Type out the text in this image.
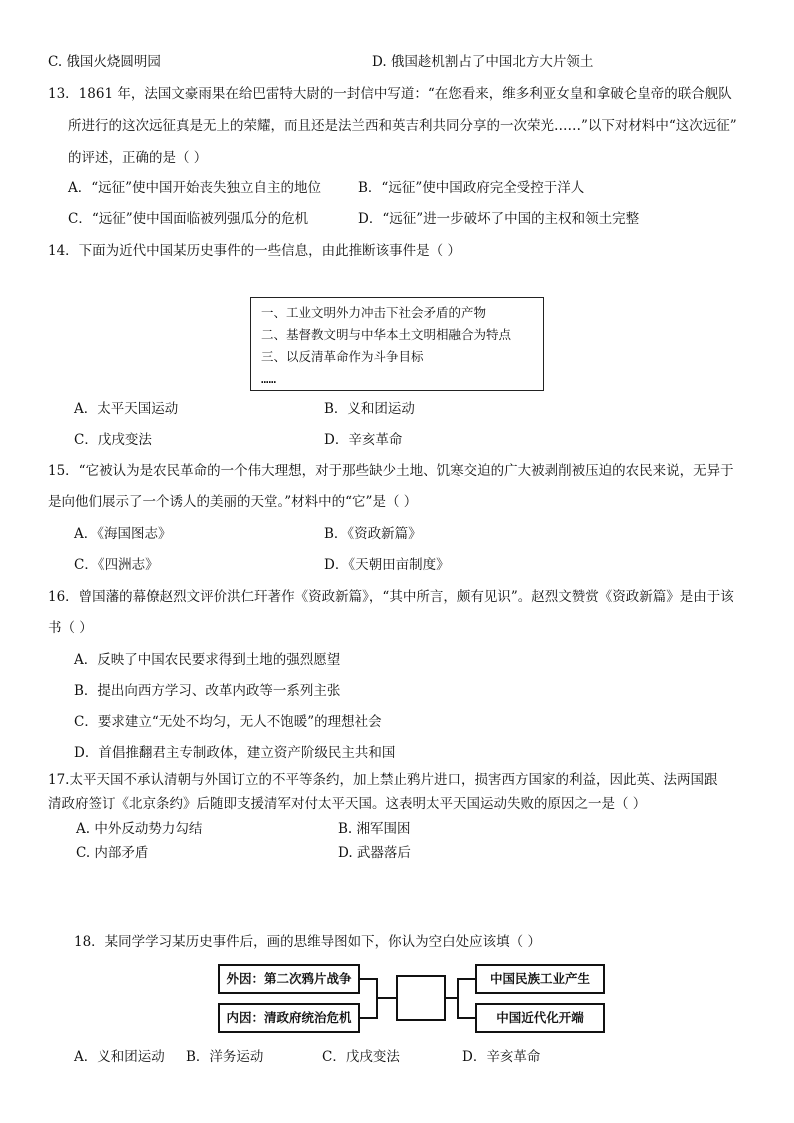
C. 俄国火烧圆明园	D. 俄国趁机割占了中国北方大片领土
13．1861 年，法国文豪雨果在给巴雷特大尉的一封信中写道：“在您看来，维多利亚女皇和拿破仑皇帝的联合舰队
所进行的这次远征真是无上的荣耀，而且还是法兰西和英吉利共同分享的一次荣光……”以下对材料中“这次远征”
的评述，正确的是（ ）
A．“远征”使中国开始丧失独立自主的地位	B．“远征”使中国政府完全受控于洋人
C．“远征”使中国面临被列强瓜分的危机	D．“远征”进一步破坏了中国的主权和领土完整
14．下面为近代中国某历史事件的一些信息，由此推断该事件是（ ）
一、工业文明外力冲击下社会矛盾的产物
二、基督教文明与中华本土文明相融合为特点
三、以反清革命作为斗争目标
……
A．太平天国运动	B．义和团运动
C．戊戌变法	D．辛亥革命
15．“它被认为是农民革命的一个伟大理想，对于那些缺少土地、饥寒交迫的广大被剥削被压迫的农民来说，无异于
是向他们展示了一个诱人的美丽的天堂。”材料中的“它”是（ ）
A．《海国图志》	B．《资政新篇》
C．《四洲志》	D．《天朝田亩制度》
16．曾国藩的幕僚赵烈文评价洪仁玕著作《资政新篇》，“其中所言，颇有见识”。赵烈文赞赏《资政新篇》是由于该
书（ ）
A．反映了中国农民要求得到土地的强烈愿望
B．提出向西方学习、改革内政等一系列主张
C．要求建立“无处不均匀，无人不饱暖”的理想社会
D．首倡推翻君主专制政体，建立资产阶级民主共和国
17.太平天国不承认清朝与外国订立的不平等条约，加上禁止鸦片进口，损害西方国家的利益，因此英、法两国跟
清政府签订《北京条约》后随即支援清军对付太平天国。这表明太平天国运动失败的原因之一是（ ）
A. 中外反动势力勾结	B. 湘军围困
C. 内部矛盾	D. 武器落后
18．某同学学习某历史事件后，画的思维导图如下，你认为空白处应该填（ ）
外因：第二次鸦片战争
内因：清政府统治危机
中国民族工业产生
中国近代化开端
A．义和团运动 B．洋务运动	C．戊戌变法	D．辛亥革命
